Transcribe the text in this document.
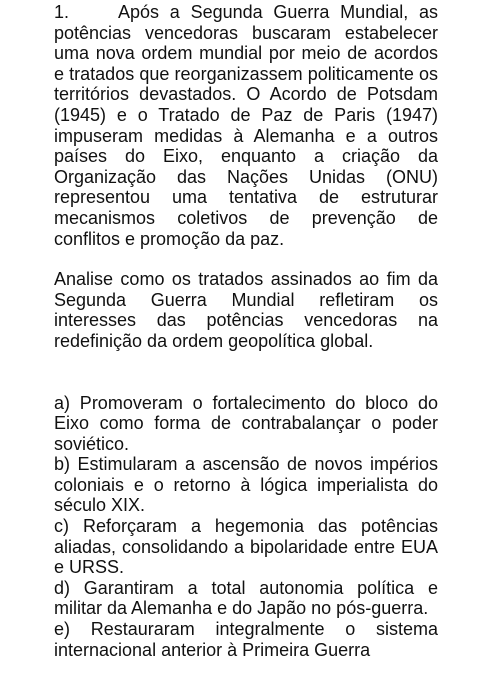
1.	Após a Segunda Guerra Mundial, as potências vencedoras buscaram estabelecer uma nova ordem mundial por meio de acordos e tratados que reorganizassem politicamente os territórios devastados. O Acordo de Potsdam (1945) e o Tratado de Paz de Paris (1947) impuseram medidas à Alemanha e a outros países do Eixo, enquanto a criação da Organização das Nações Unidas (ONU) representou uma tentativa de estruturar mecanismos coletivos de prevenção de conflitos e promoção da paz.

Analise como os tratados assinados ao fim da Segunda Guerra Mundial refletiram os interesses das potências vencedoras na redefinição da ordem geopolítica global.

a) Promoveram o fortalecimento do bloco do Eixo como forma de contrabalançar o poder soviético.
b) Estimularam a ascensão de novos impérios coloniais e o retorno à lógica imperialista do século XIX.
c) Reforçaram a hegemonia das potências aliadas, consolidando a bipolaridade entre EUA e URSS.
d) Garantiram a total autonomia política e militar da Alemanha e do Japão no pós-guerra.
e) Restauraram integralmente o sistema internacional anterior à Primeira Guerra
